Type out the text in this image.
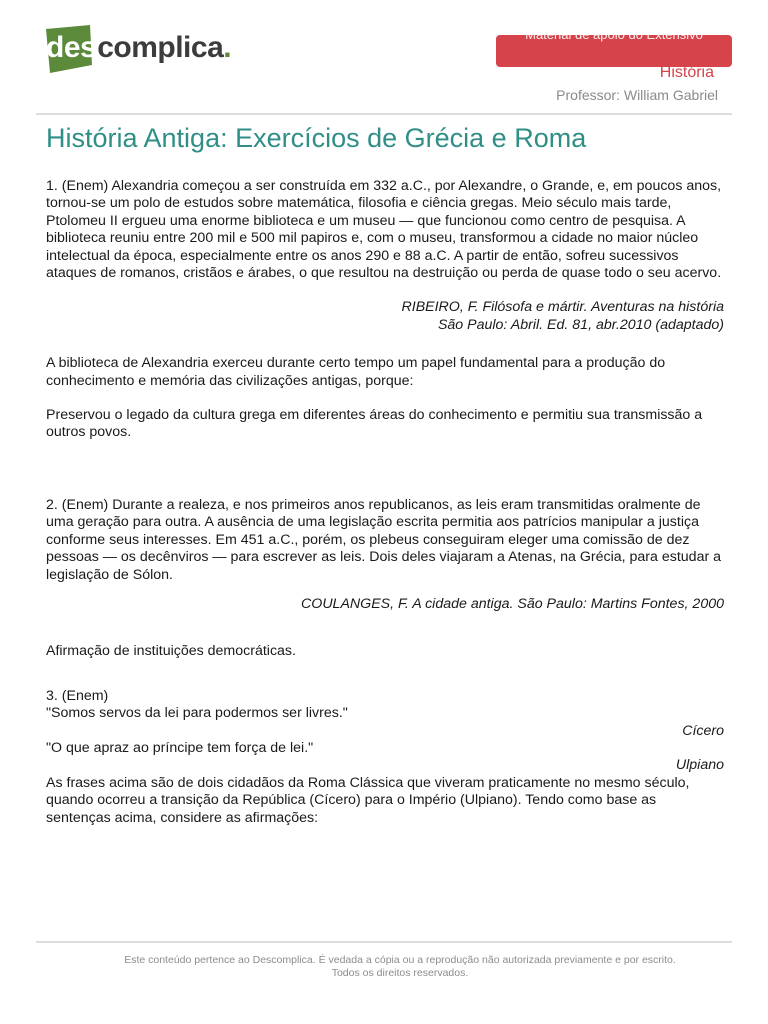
descomplica.	Material de apoio do Extensivo
História
Professor: William Gabriel
História Antiga: Exercícios de Grécia e Roma

1. (Enem) Alexandria começou a ser construída em 332 a.C., por Alexandre, o Grande, e, em poucos anos, tornou-se um polo de estudos sobre matemática, filosofia e ciência gregas. Meio século mais tarde, Ptolomeu II ergueu uma enorme biblioteca e um museu — que funcionou como centro de pesquisa. A biblioteca reuniu entre 200 mil e 500 mil papiros e, com o museu, transformou a cidade no maior núcleo intelectual da época, especialmente entre os anos 290 e 88 a.C. A partir de então, sofreu sucessivos ataques de romanos, cristãos e árabes, o que resultou na destruição ou perda de quase todo o seu acervo.

RIBEIRO, F. Filósofa e mártir. Aventuras na história

São Paulo: Abril. Ed. 81, abr.2010 (adaptado)

A biblioteca de Alexandria exerceu durante certo tempo um papel fundamental para a produção do conhecimento e memória das civilizações antigas, porque:

Preservou o legado da cultura grega em diferentes áreas do conhecimento e permitiu sua transmissão a outros povos.

2. (Enem) Durante a realeza, e nos primeiros anos republicanos, as leis eram transmitidas oralmente de uma geração para outra. A ausência de uma legislação escrita permitia aos patrícios manipular a justiça conforme seus interesses. Em 451 a.C., porém, os plebeus conseguiram eleger uma comissão de dez pessoas — os decênviros — para escrever as leis. Dois deles viajaram a Atenas, na Grécia, para estudar a legislação de Sólon.

COULANGES, F. A cidade antiga. São Paulo: Martins Fontes, 2000

Afirmação de instituições democráticas.

3. (Enem)

"Somos servos da lei para podermos ser livres."

Cícero

"O que apraz ao príncipe tem força de lei."

Ulpiano

As frases acima são de dois cidadãos da Roma Clássica que viveram praticamente no mesmo século, quando ocorreu a transição da República (Cícero) para o Império (Ulpiano). Tendo como base as sentenças acima, considere as afirmações:

Este conteúdo pertence ao Descomplica. É vedada a cópia ou a reprodução não autorizada previamente e por escrito.
Todos os direitos reservados.
